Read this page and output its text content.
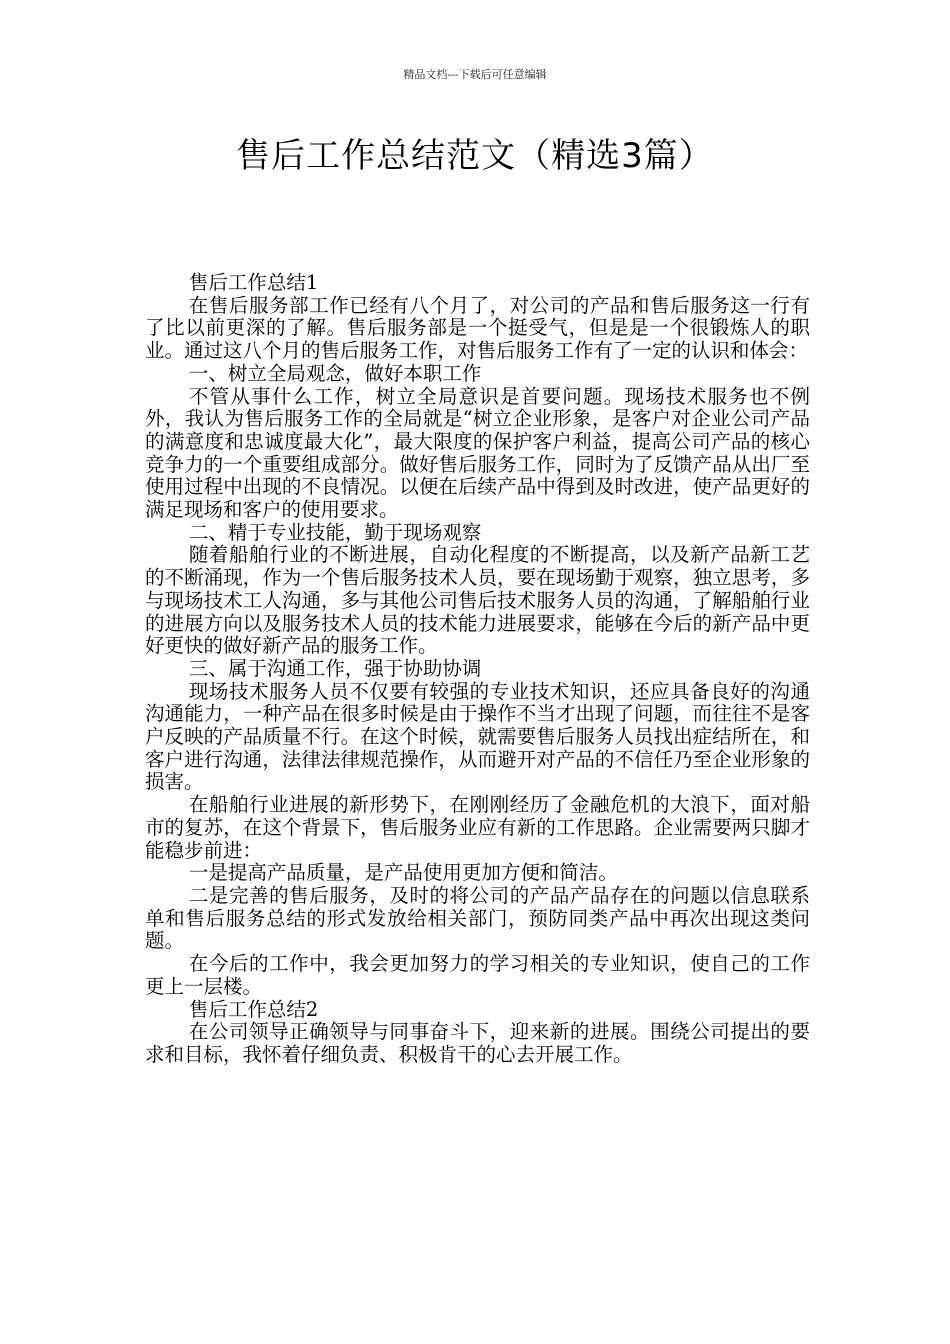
精品文档---下载后可任意编辑
售后工作总结范文（精选3篇）

售后工作总结1

在售后服务部工作已经有八个月了，对公司的产品和售后服务这一行有了比以前更深的了解。售后服务部是一个挺受气，但是是一个很锻炼人的职业。通过这八个月的售后服务工作，对售后服务工作有了一定的认识和体会：

一、树立全局观念，做好本职工作

不管从事什么工作，树立全局意识是首要问题。现场技术服务也不例外，我认为售后服务工作的全局就是“树立企业形象，是客户对企业公司产品的满意度和忠诚度最大化”，最大限度的保护客户利益，提高公司产品的核心竞争力的一个重要组成部分。做好售后服务工作，同时为了反馈产品从出厂至使用过程中出现的不良情况。以便在后续产品中得到及时改进，使产品更好的满足现场和客户的使用要求。

二、精于专业技能，勤于现场观察

随着船舶行业的不断进展，自动化程度的不断提高，以及新产品新工艺的不断涌现，作为一个售后服务技术人员，要在现场勤于观察，独立思考，多与现场技术工人沟通，多与其他公司售后技术服务人员的沟通，了解船舶行业的进展方向以及服务技术人员的技术能力进展要求，能够在今后的新产品中更好更快的做好新产品的服务工作。

三、属于沟通工作，强于协助协调

现场技术服务人员不仅要有较强的专业技术知识，还应具备良好的沟通沟通能力，一种产品在很多时候是由于操作不当才出现了问题，而往往不是客户反映的产品质量不行。在这个时候，就需要售后服务人员找出症结所在，和客户进行沟通，法律法律规范操作，从而避开对产品的不信任乃至企业形象的损害。

在船舶行业进展的新形势下，在刚刚经历了金融危机的大浪下，面对船市的复苏，在这个背景下，售后服务业应有新的工作思路。企业需要两只脚才能稳步前进：

一是提高产品质量，是产品使用更加方便和简洁。

二是完善的售后服务，及时的将公司的产品产品存在的问题以信息联系单和售后服务总结的形式发放给相关部门，预防同类产品中再次出现这类问题。

在今后的工作中，我会更加努力的学习相关的专业知识，使自己的工作更上一层楼。

售后工作总结2

在公司领导正确领导与同事奋斗下，迎来新的进展。围绕公司提出的要求和目标，我怀着仔细负责、积极肯干的心去开展工作。
